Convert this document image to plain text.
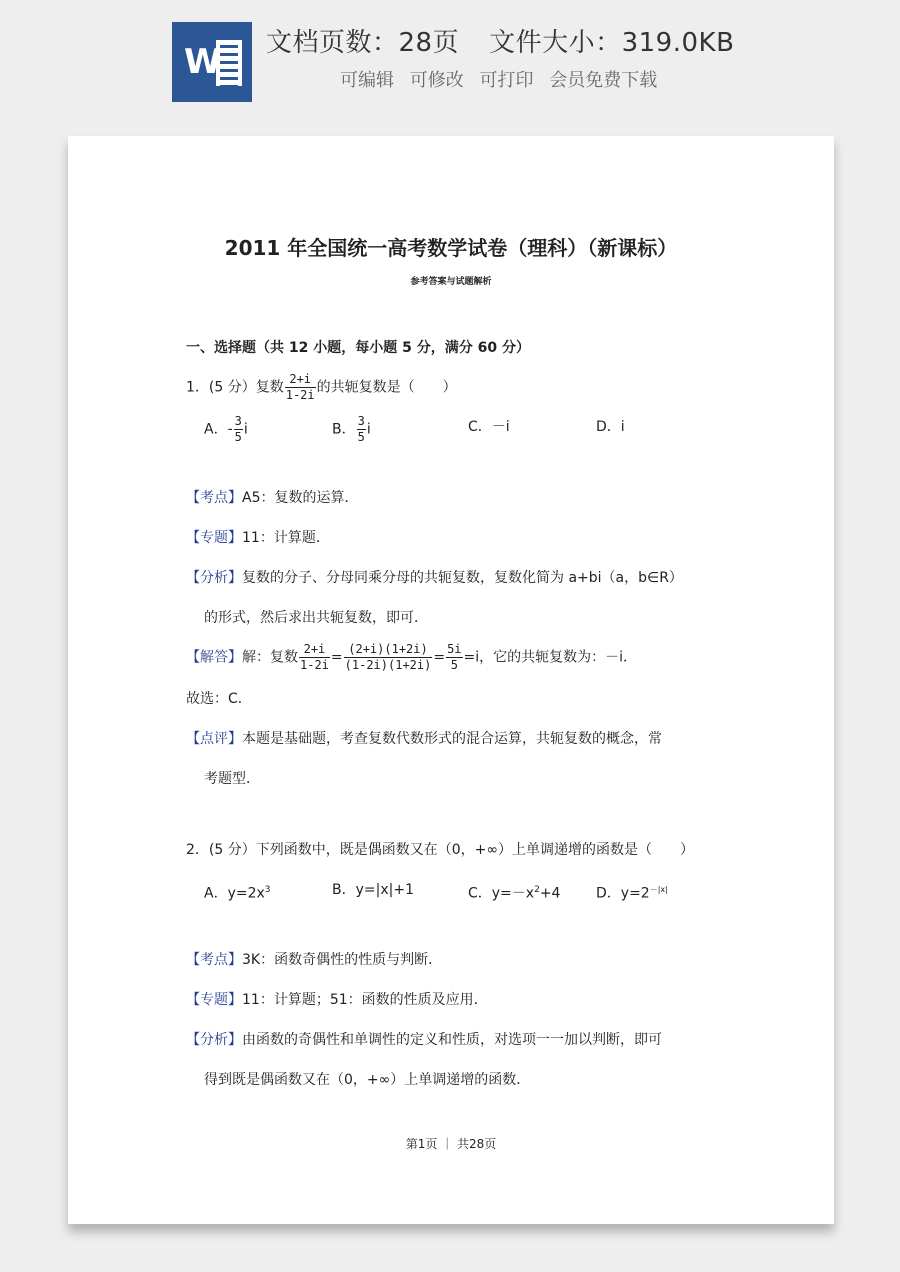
W 文档页数：28页 文件大小：319.0KB
可编辑 可修改 可打印 会员免费下载
2011 年全国统一高考数学试卷（理科）（新课标）
参考答案与试题解析
一、选择题（共 12 小题，每小题 5 分，满分 60 分）
1．(5 分）复数 $\frac{2+i}{1-2i}$ 的共轭复数是（　　）
A．- $\frac{3}{5}$ i	B． $\frac{3}{5}$ i	C．－i	D．i
【考点】A5：复数的运算．
【专题】11：计算题．
【分析】复数的分子、分母同乘分母的共轭复数，复数化简为 a+bi（a，b∈R）
的形式，然后求出共轭复数，即可．
【解答】解：复数 $\frac{2+i}{1-2i} = \frac{(2+i)(1+2i)}{(1-2i)(1+2i)} = \frac{5i}{5} =i$，它的共轭复数为：－i．
故选：C．
【点评】本题是基础题，考查复数代数形式的混合运算，共轭复数的概念，常
考题型．
2．(5 分）下列函数中，既是偶函数又在（0，+∞）上单调递增的函数是（　　）
A．$y=2x^3$	B．y=|x|+1	C．$y=-x^2+4$	D．$y=2^{-|x|}$
【考点】3K：函数奇偶性的性质与判断．
【专题】11：计算题；51：函数的性质及应用．
【分析】由函数的奇偶性和单调性的定义和性质，对选项一一加以判断，即可
得到既是偶函数又在（0，+∞）上单调递增的函数．
第1页 ｜ 共28页
